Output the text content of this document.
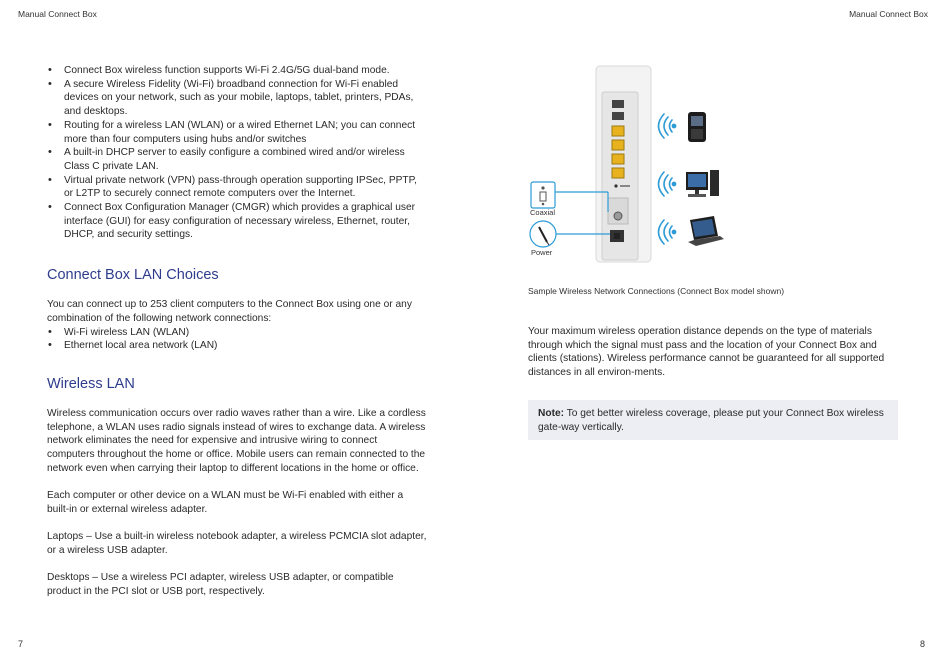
Manual Connect Box	Manual Connect Box
• Connect Box wireless function supports Wi-Fi 2.4G/5G dual-band mode.
• A secure Wireless Fidelity (Wi-Fi) broadband connection for Wi-Fi enabled devices on your network, such as your mobile, laptops, tablet, printers, PDAs, and desktops.
• Routing for a wireless LAN (WLAN) or a wired Ethernet LAN; you can connect more than four computers using hubs and/or switches
• A built-in DHCP server to easily configure a combined wired and/or wireless Class C private LAN.
• Virtual private network (VPN) pass-through operation supporting IPSec, PPTP, or L2TP to securely connect remote computers over the Internet.
• Connect Box Configuration Manager (CMGR) which provides a graphical user interface (GUI) for easy configuration of necessary wireless, Ethernet, router, DHCP, and security settings.
Connect Box LAN Choices

You can connect up to 253 client computers to the Connect Box using one or any combination of the following network connections:

• Wi-Fi wireless LAN (WLAN)
• Ethernet local area network (LAN)
Wireless LAN

Wireless communication occurs over radio waves rather than a wire. Like a cordless telephone, a WLAN uses radio signals instead of wires to exchange data. A wireless network eliminates the need for expensive and intrusive wiring to connect computers throughout the home or office. Mobile users can remain connected to the network even when carrying their laptop to different locations in the home or office.

Each computer or other device on a WLAN must be Wi-Fi enabled with either a built-in or external wireless adapter.

Laptops – Use a built-in wireless notebook adapter, a wireless PCMCIA slot adapter, or a wireless USB adapter.

Desktops – Use a wireless PCI adapter, wireless USB adapter, or compatible product in the PCI slot or USB port, respectively.

7
Coaxial
Power
Sample Wireless Network Connections (Connect Box model shown)

Your maximum wireless operation distance depends on the type of materials through which the signal must pass and the location of your Connect Box and clients (stations). Wireless performance cannot be guaranteed for all supported distances in all environ-ments.

Note: To get better wireless coverage, please put your Connect Box wireless gate-way vertically.
8
